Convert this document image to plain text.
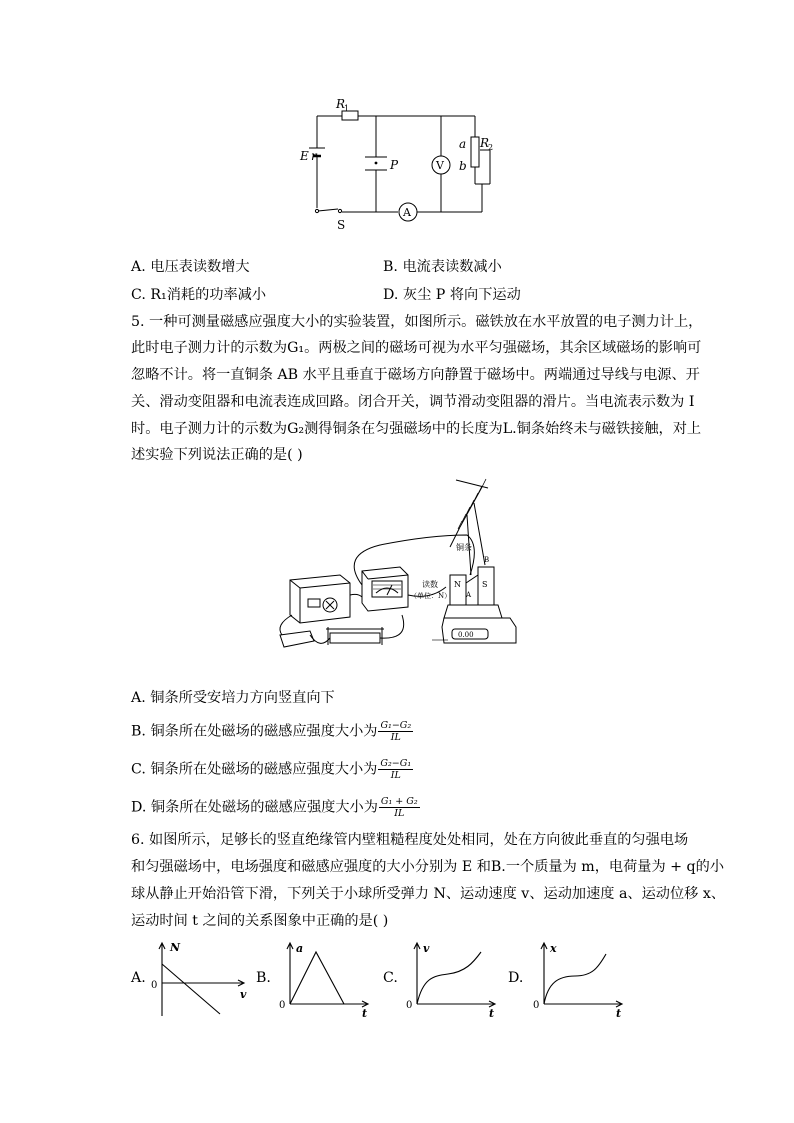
R
1
E r
P	V
A
a
b
R
2
S
A. 电压表读数增大	B. 电流表读数减小
C. R₁消耗的功率减小	D. 灰尘 P 将向下运动
5. 一种可测量磁感应强度大小的实验装置，如图所示。磁铁放在水平放置的电子测力计上，
此时电子测力计的示数为G₁。两极之间的磁场可视为水平匀强磁场，其余区域磁场的影响可
忽略不计。将一直铜条 AB 水平且垂直于磁场方向静置于磁场中。两端通过导线与电源、开
关、滑动变阻器和电流表连成回路。闭合开关，调节滑动变阻器的滑片。当电流表示数为 I
时。电子测力计的示数为G₂测得铜条在匀强磁场中的长度为L.铜条始终未与磁铁接触，对上
述实验下列说法正确的是( )
铜条
读数
（单位：N）
N	S
B
A
0.00
A. 铜条所受安培力方向竖直向下
B. 铜条所在处磁场的磁感应强度大小为 $\frac{\text{G₁−G₂}}{IL}$
C. 铜条所在处磁场的磁感应强度大小为 $\frac{\text{G₂−G₁}}{IL}$
D. 铜条所在处磁场的磁感应强度大小为 $\frac{\text{G₁ + G₂}}{IL}$
6. 如图所示，足够长的竖直绝缘管内壁粗糙程度处处相同，处在方向彼此垂直的匀强电场
和匀强磁场中，电场强度和磁感应强度的大小分别为 E 和B.一个质量为 m，电荷量为 + q的小
球从静止开始沿管下滑，下列关于小球所受弹力 N、运动速度 v、运动加速度 a、运动位移 x、
运动时间 t 之间的关系图象中正确的是( )
A.
N
0
v
B.
a
0
t
C.
v
0
t
D.
x
0
t
